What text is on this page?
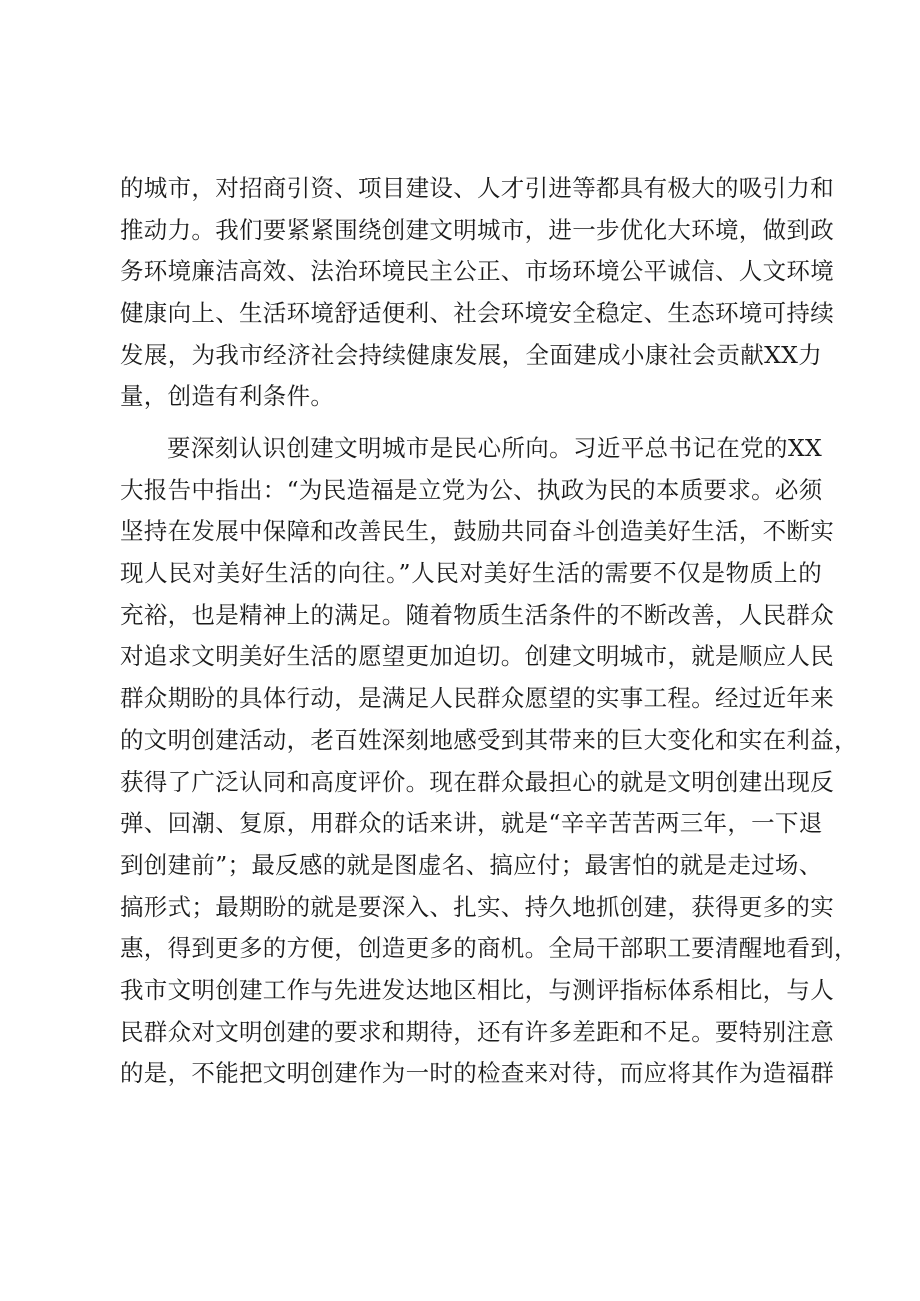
的城市，对招商引资、项目建设、人才引进等都具有极大的吸引力和
推动力。我们要紧紧围绕创建文明城市，进一步优化大环境，做到政
务环境廉洁高效、法治环境民主公正、市场环境公平诚信、人文环境
健康向上、生活环境舒适便利、社会环境安全稳定、生态环境可持续
发展，为我市经济社会持续健康发展，全面建成小康社会贡献XX力
量，创造有利条件。
要深刻认识创建文明城市是民心所向。习近平总书记在党的XX
大报告中指出：“为民造福是立党为公、执政为民的本质要求。必须
坚持在发展中保障和改善民生，鼓励共同奋斗创造美好生活，不断实
现人民对美好生活的向往。”人民对美好生活的需要不仅是物质上的
充裕，也是精神上的满足。随着物质生活条件的不断改善，人民群众
对追求文明美好生活的愿望更加迫切。创建文明城市，就是顺应人民
群众期盼的具体行动，是满足人民群众愿望的实事工程。经过近年来
的文明创建活动，老百姓深刻地感受到其带来的巨大变化和实在利益，
获得了广泛认同和高度评价。现在群众最担心的就是文明创建出现反
弹、回潮、复原，用群众的话来讲，就是“辛辛苦苦两三年，一下退
到创建前”；最反感的就是图虚名、搞应付；最害怕的就是走过场、
搞形式；最期盼的就是要深入、扎实、持久地抓创建，获得更多的实
惠，得到更多的方便，创造更多的商机。全局干部职工要清醒地看到，
我市文明创建工作与先进发达地区相比，与测评指标体系相比，与人
民群众对文明创建的要求和期待，还有许多差距和不足。要特别注意
的是，不能把文明创建作为一时的检查来对待，而应将其作为造福群
